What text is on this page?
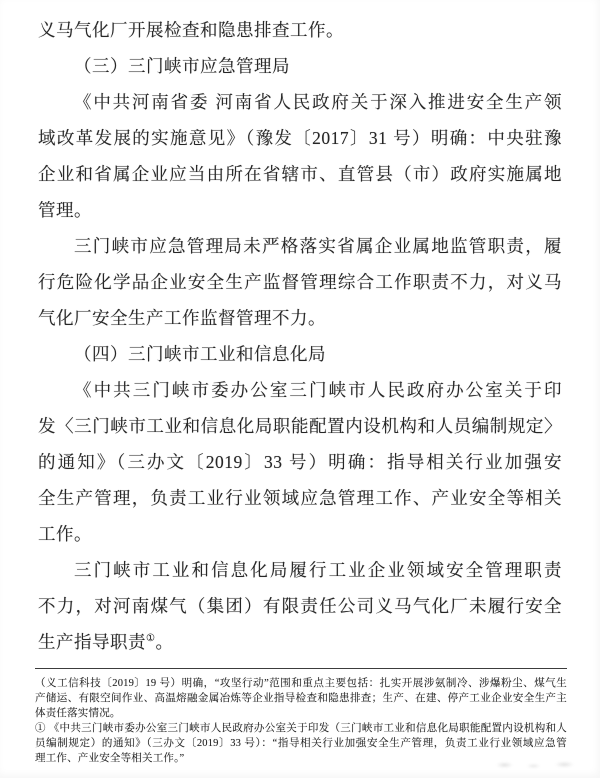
义马气化厂开展检查和隐患排查工作。
（三）三门峡市应急管理局
《中共河南省委 河南省人民政府关于深入推进安全生产领
域改革发展的实施意见》（豫发〔2017〕31 号）明确：中央驻豫
企业和省属企业应当由所在省辖市、直管县（市）政府实施属地
管理。
三门峡市应急管理局未严格落实省属企业属地监管职责，履
行危险化学品企业安全生产监督管理综合工作职责不力，对义马
气化厂安全生产工作监督管理不力。
（四）三门峡市工业和信息化局
《中共三门峡市委办公室三门峡市人民政府办公室关于印
发〈三门峡市工业和信息化局职能配置内设机构和人员编制规定〉
的通知》（三办文〔2019〕33 号）明确：指导相关行业加强安
全生产管理，负责工业行业领域应急管理工作、产业安全等相关
工作。
三门峡市工业和信息化局履行工业企业领域安全管理职责
不力，对河南煤气（集团）有限责任公司义马气化厂未履行安全
生产指导职责①。
（义工信科技〔2019〕19 号）明确，“攻坚行动”范围和重点主要包括：扎实开展涉氨制冷、涉爆粉尘、煤气生
产储运、有限空间作业、高温熔融金属冶炼等企业指导检查和隐患排查；生产、在建、停产工业企业安全生产主
体责任落实情况。
① 《中共三门峡市委办公室三门峡市人民政府办公室关于印发（三门峡市工业和信息化局职能配置内设机构和人
员编制规定）的通知》（三办文〔2019〕33 号）：“指导相关行业加强安全生产管理，负责工业行业领域应急管
理工作、产业安全等相关工作。”
